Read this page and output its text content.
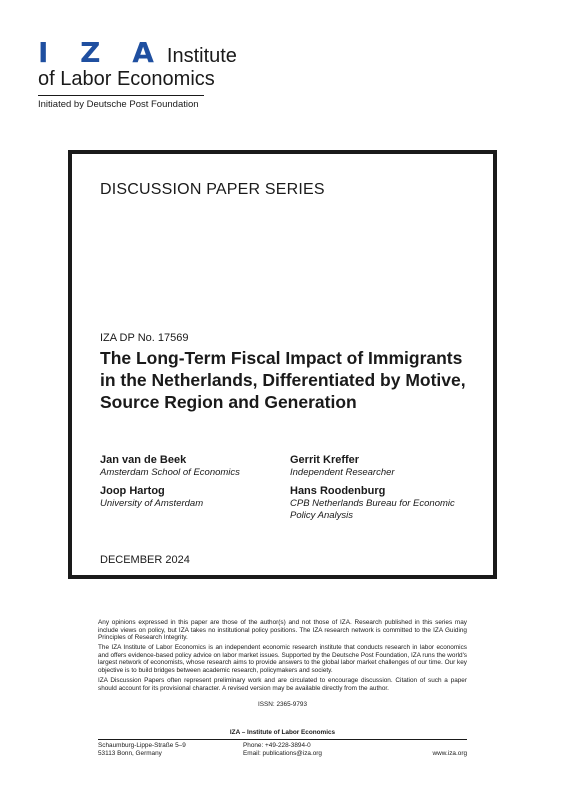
I Z A Institute
of Labor Economics
Initiated by Deutsche Post Foundation
DISCUSSION PAPER SERIES
IZA DP No. 17569
The Long-Term Fiscal Impact of Immigrants in the Netherlands, Differentiated by Motive, Source Region and Generation
Jan van de Beek
Amsterdam School of Economics
Gerrit Kreffer
Independent Researcher
Joop Hartog
University of Amsterdam
Hans Roodenburg
CPB Netherlands Bureau for Economic Policy Analysis
DECEMBER 2024

Any opinions expressed in this paper are those of the author(s) and not those of IZA. Research published in this series may include views on policy, but IZA takes no institutional policy positions. The IZA research network is committed to the IZA Guiding Principles of Research Integrity.

The IZA Institute of Labor Economics is an independent economic research institute that conducts research in labor economics and offers evidence-based policy advice on labor market issues. Supported by the Deutsche Post Foundation, IZA runs the world's largest network of economists, whose research aims to provide answers to the global labor market challenges of our time. Our key objective is to build bridges between academic research, policymakers and society.

IZA Discussion Papers often represent preliminary work and are circulated to encourage discussion. Citation of such a paper should account for its provisional character. A revised version may be available directly from the author.

ISSN: 2365-9793
IZA – Institute of Labor Economics
Schaumburg-Lippe-Straße 5–9
53113 Bonn, Germany
Phone: +49-228-3894-0
Email: publications@iza.org	www.iza.org
